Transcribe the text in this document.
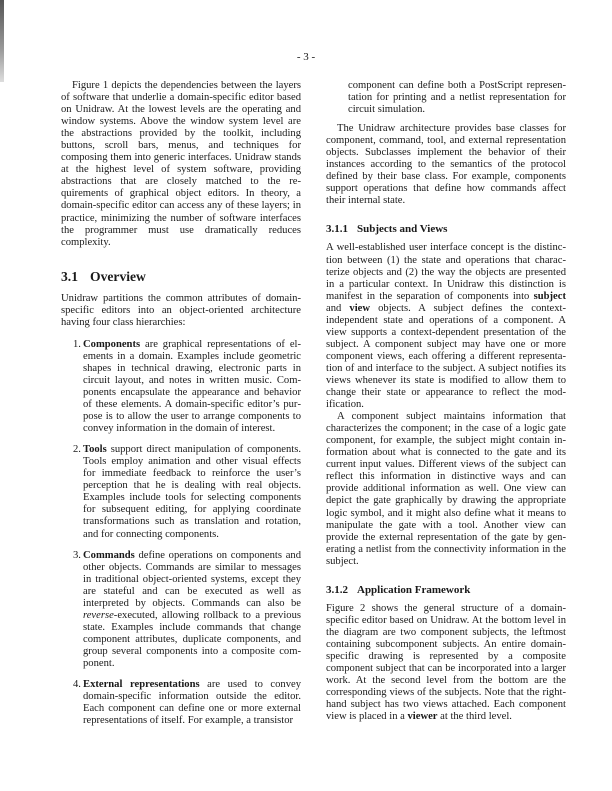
- 3 -

Figure 1 depicts the dependencies between the layers of software that underlie a domain-specific editor based on Unidraw. At the lowest levels are the operating and window systems. Above the window system level are the abstractions provided by the toolkit, including buttons, scroll bars, menus, and techniques for composing them into generic interfaces. Unidraw stands at the highest level of system software, providing abstractions that are closely matched to the requirements of graphical object editors. In theory, a domain-specific editor can access any of these layers; in practice, minimizing the number of software interfaces the programmer must use dramatically reduces complexity.

3.1 Overview

Unidraw partitions the common attributes of domain-specific editors into an object-oriented architecture having four class hierarchies:

1. Components are graphical representations of elements in a domain. Examples include geometric shapes in technical drawing, electronic parts in circuit layout, and notes in written music. Components encapsulate the appearance and behavior of these elements. A domain-specific editor’s purpose is to allow the user to arrange components to convey information in the domain of interest.

2. Tools support direct manipulation of components. Tools employ animation and other visual effects for immediate feedback to reinforce the user’s perception that he is dealing with real objects. Examples include tools for selecting components for subsequent editing, for applying coordinate transformations such as translation and rotation, and for connecting components.

3. Commands define operations on components and other objects. Commands are similar to messages in traditional object-oriented systems, except they are stateful and can be executed as well as interpreted by objects. Commands can also be reverse-executed, allowing rollback to a previous state. Examples include commands that change component attributes, duplicate components, and group several components into a composite component.

4. External representations are used to convey domain-specific information outside the editor. Each component can define one or more external representations of itself. For example, a transistor

component can define both a PostScript representation for printing and a netlist representation for circuit simulation.

The Unidraw architecture provides base classes for component, command, tool, and external representation objects. Subclasses implement the behavior of their instances according to the semantics of the protocol defined by their base class. For example, components support operations that define how commands affect their internal state.

3.1.1 Subjects and Views

A well-established user interface concept is the distinction between (1) the state and operations that characterize objects and (2) the way the objects are presented in a particular context. In Unidraw this distinction is manifest in the separation of components into subject and view objects. A subject defines the context-independent state and operations of a component. A view supports a context-dependent presentation of the subject. A component subject may have one or more component views, each offering a different representation of and interface to the subject. A subject notifies its views whenever its state is modified to allow them to change their state or appearance to reflect the modification.

A component subject maintains information that characterizes the component; in the case of a logic gate component, for example, the subject might contain information about what is connected to the gate and its current input values. Different views of the subject can reflect this information in distinctive ways and can provide additional information as well. One view can depict the gate graphically by drawing the appropriate logic symbol, and it might also define what it means to manipulate the gate with a tool. Another view can provide the external representation of the gate by generating a netlist from the connectivity information in the subject.

3.1.2 Application Framework

Figure 2 shows the general structure of a domain-specific editor based on Unidraw. At the bottom level in the diagram are two component subjects, the leftmost containing subcomponent subjects. An entire domain-specific drawing is represented by a composite component subject that can be incorporated into a larger work. At the second level from the bottom are the corresponding views of the subjects. Note that the right-hand subject has two views attached. Each component view is placed in a viewer at the third level.
